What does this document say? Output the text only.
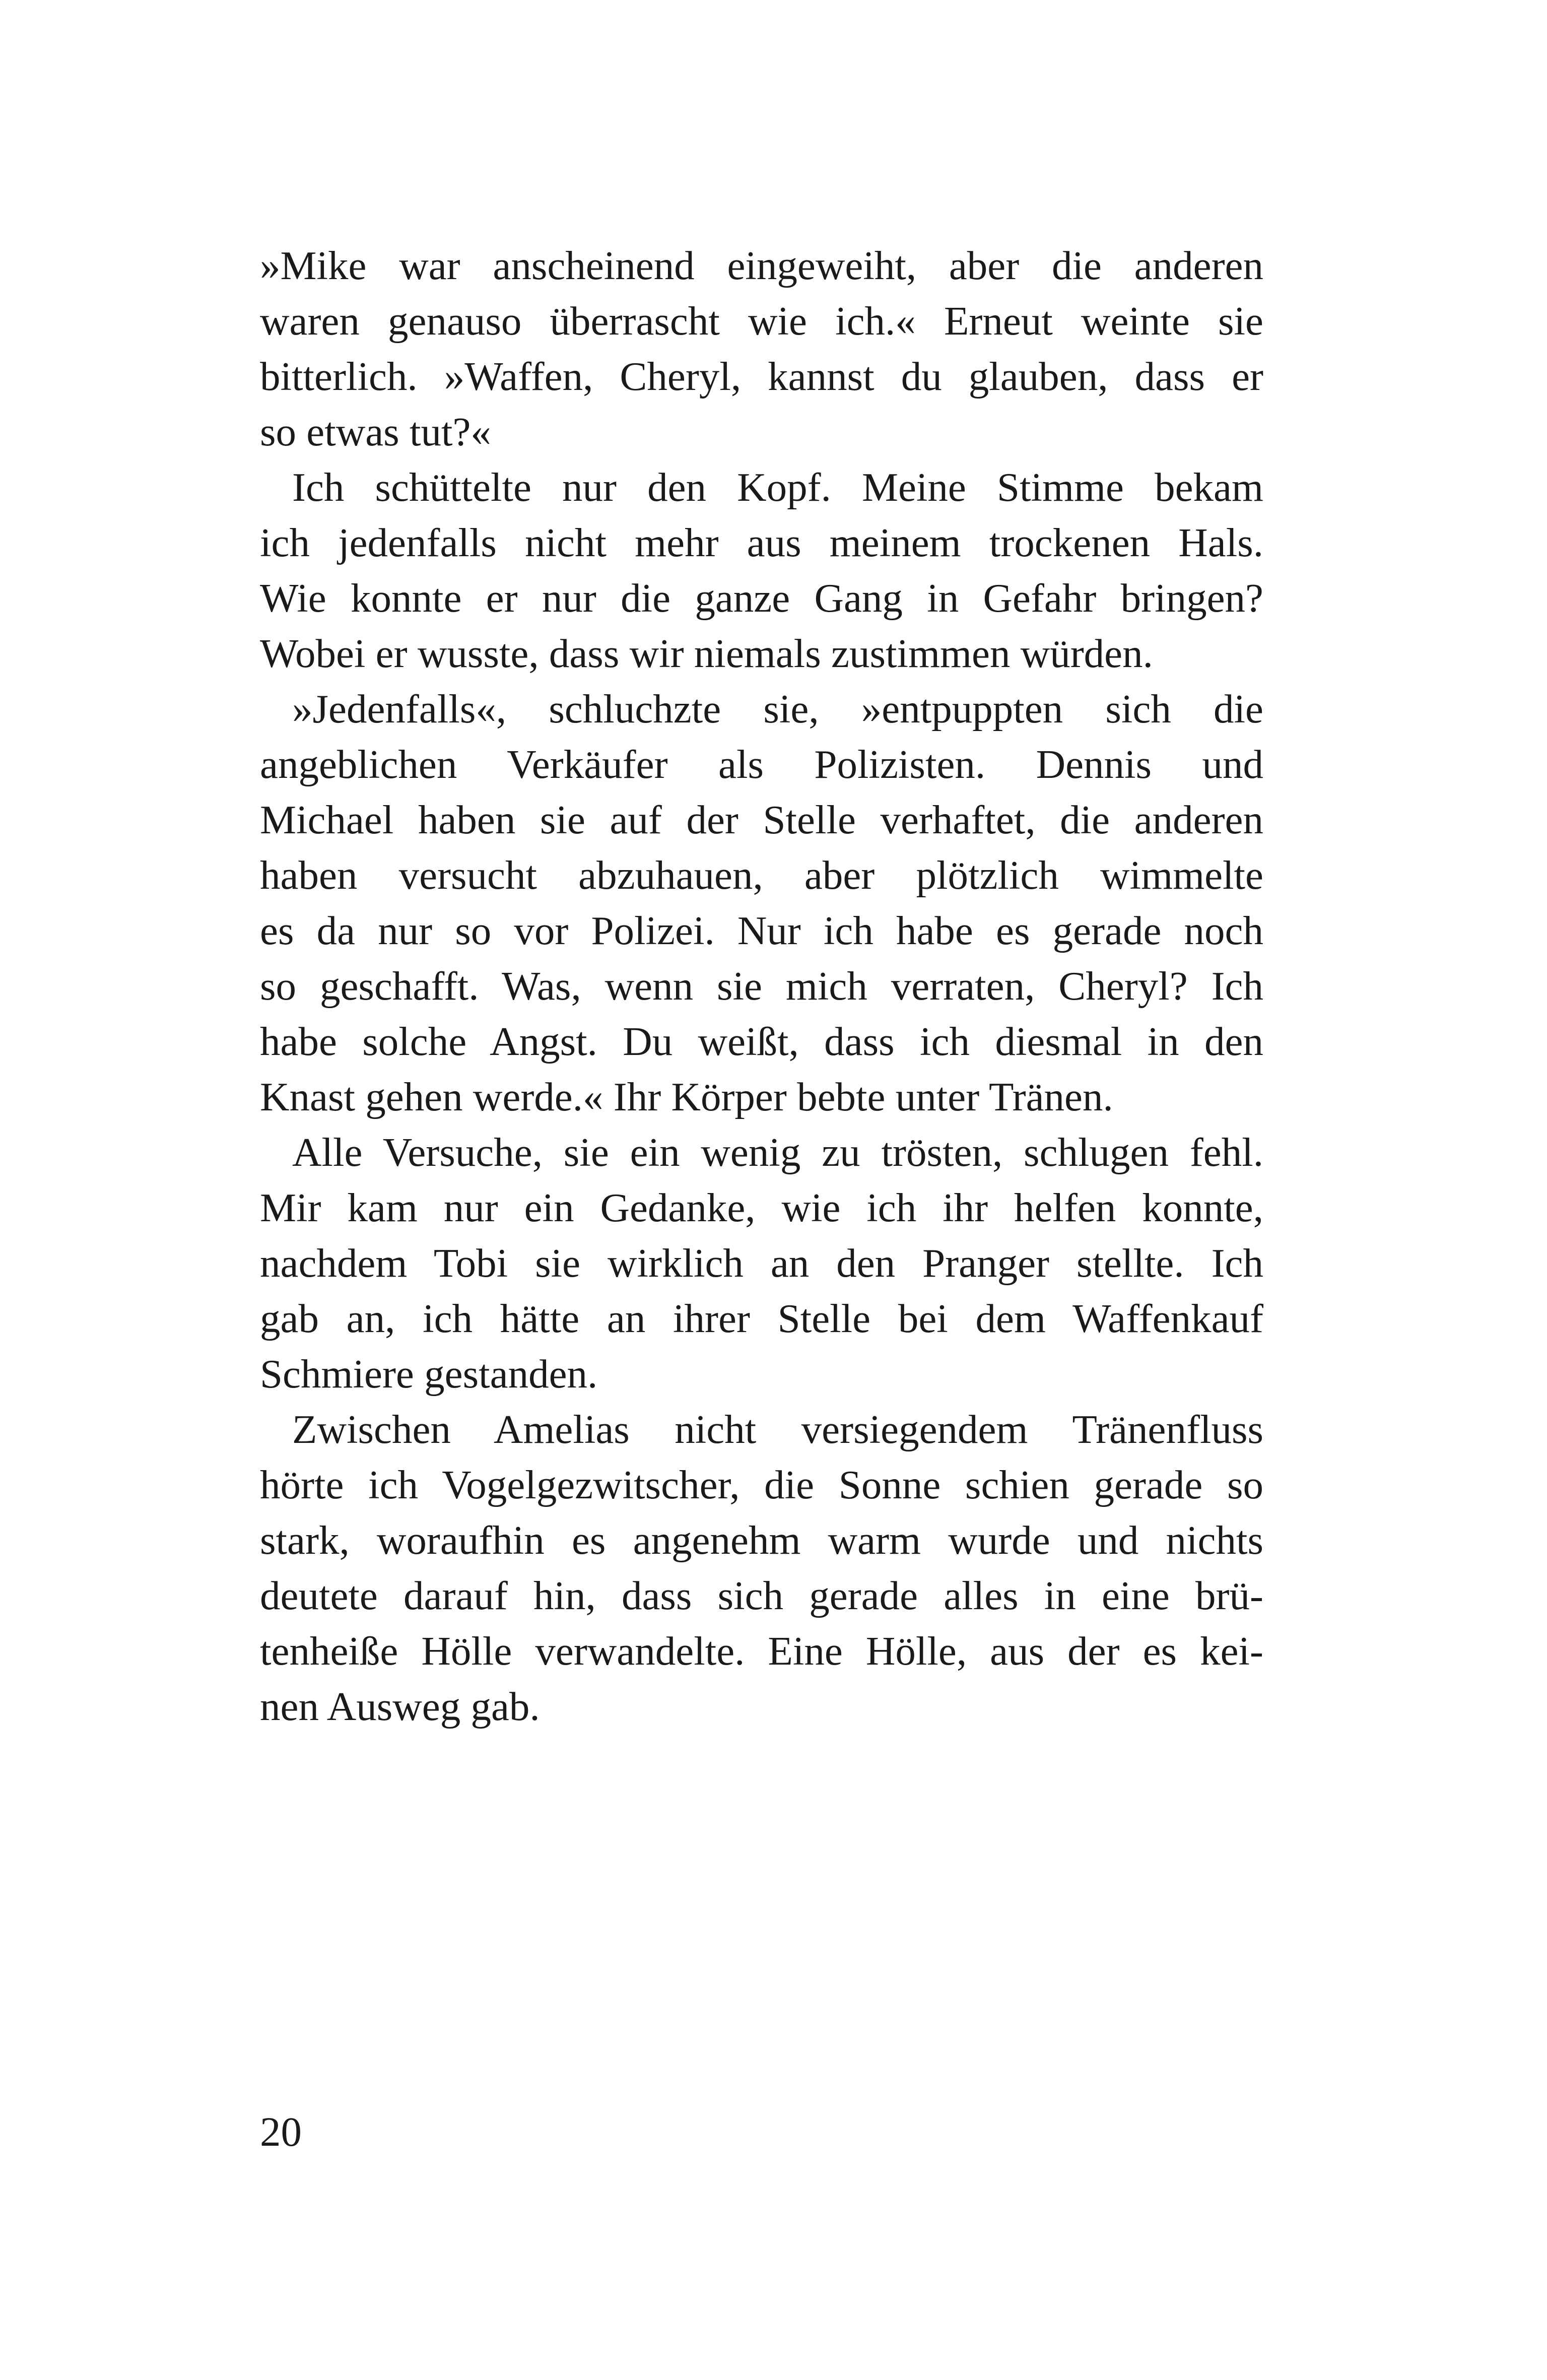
»Mike war anscheinend eingeweiht, aber die anderen
waren genauso überrascht wie ich.« Erneut weinte sie
bitterlich. »Waffen, Cheryl, kannst du glauben, dass er
so etwas tut?«
Ich schüttelte nur den Kopf. Meine Stimme bekam
ich jedenfalls nicht mehr aus meinem trockenen Hals.
Wie konnte er nur die ganze Gang in Gefahr bringen?
Wobei er wusste, dass wir niemals zustimmen würden.
»Jedenfalls«, schluchzte sie, »entpuppten sich die
angeblichen Verkäufer als Polizisten. Dennis und
Michael haben sie auf der Stelle verhaftet, die anderen
haben versucht abzuhauen, aber plötzlich wimmelte
es da nur so vor Polizei. Nur ich habe es gerade noch
so geschafft. Was, wenn sie mich verraten, Cheryl? Ich
habe solche Angst. Du weißt, dass ich diesmal in den
Knast gehen werde.« Ihr Körper bebte unter Tränen.
Alle Versuche, sie ein wenig zu trösten, schlugen fehl.
Mir kam nur ein Gedanke, wie ich ihr helfen konnte,
nachdem Tobi sie wirklich an den Pranger stellte. Ich
gab an, ich hätte an ihrer Stelle bei dem Waffenkauf
Schmiere gestanden.
Zwischen Amelias nicht versiegendem Tränenfluss
hörte ich Vogelgezwitscher, die Sonne schien gerade so
stark, woraufhin es angenehm warm wurde und nichts
deutete darauf hin, dass sich gerade alles in eine brü-
tenheiße Hölle verwandelte. Eine Hölle, aus der es kei-
nen Ausweg gab.
20
